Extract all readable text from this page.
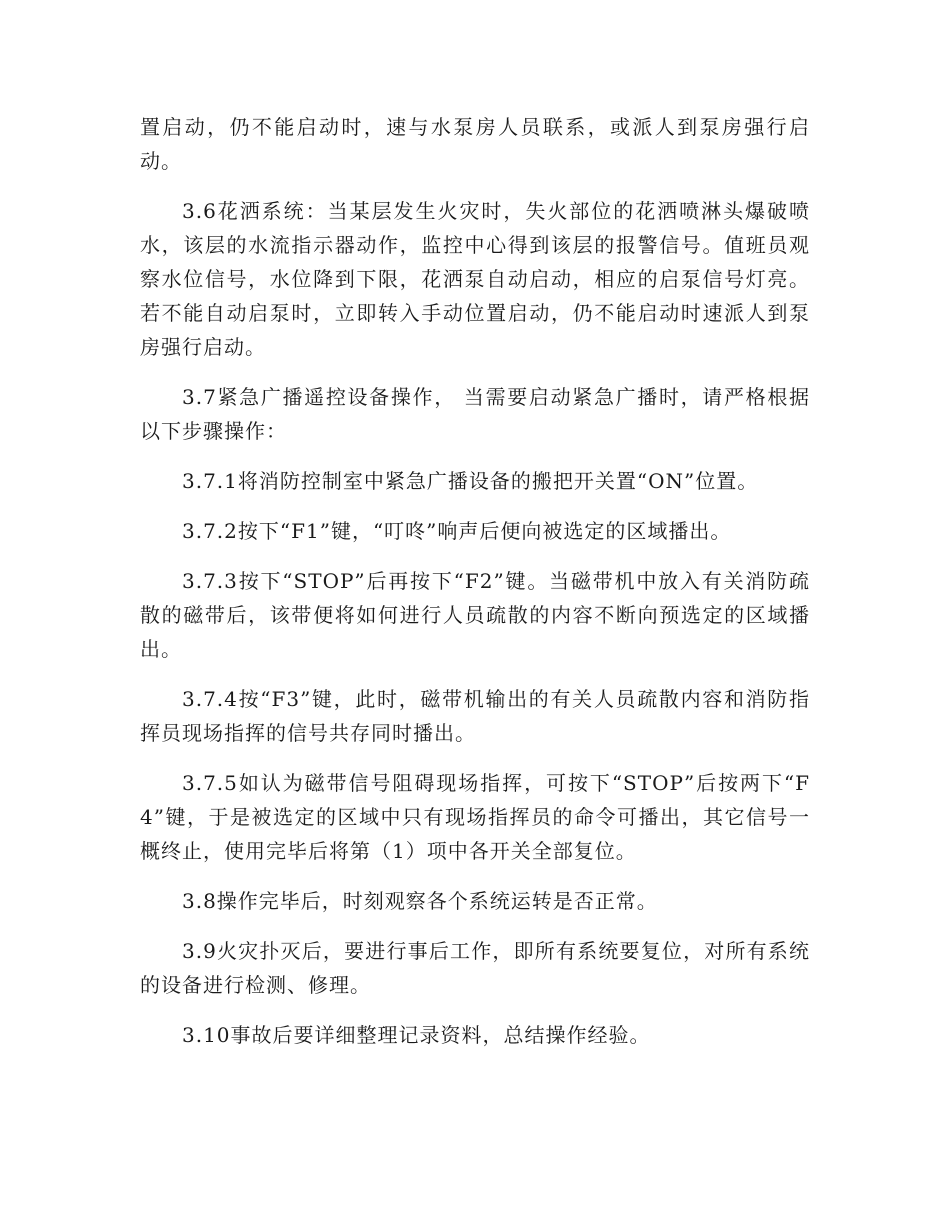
置启动，仍不能启动时，速与水泵房人员联系，或派人到泵房强行启动。

3.6花洒系统：当某层发生火灾时，失火部位的花洒喷淋头爆破喷水，该层的水流指示器动作，监控中心得到该层的报警信号。值班员观察水位信号，水位降到下限，花洒泵自动启动，相应的启泵信号灯亮。若不能自动启泵时，立即转入手动位置启动，仍不能启动时速派人到泵房强行启动。

3.7紧急广播遥控设备操作， 当需要启动紧急广播时，请严格根据以下步骤操作：

3.7.1将消防控制室中紧急广播设备的搬把开关置“ON”位置。

3.7.2按下“F1”键，“叮咚”响声后便向被选定的区域播出。

3.7.3按下“STOP”后再按下“F2”键。当磁带机中放入有关消防疏散的磁带后，该带便将如何进行人员疏散的内容不断向预选定的区域播出。

3.7.4按“F3”键，此时，磁带机输出的有关人员疏散内容和消防指挥员现场指挥的信号共存同时播出。

3.7.5如认为磁带信号阻碍现场指挥，可按下“STOP”后按两下“F4”键，于是被选定的区域中只有现场指挥员的命令可播出，其它信号一概终止，使用完毕后将第（1）项中各开关全部复位。

3.8操作完毕后，时刻观察各个系统运转是否正常。

3.9火灾扑灭后，要进行事后工作，即所有系统要复位，对所有系统的设备进行检测、修理。

3.10事故后要详细整理记录资料，总结操作经验。
